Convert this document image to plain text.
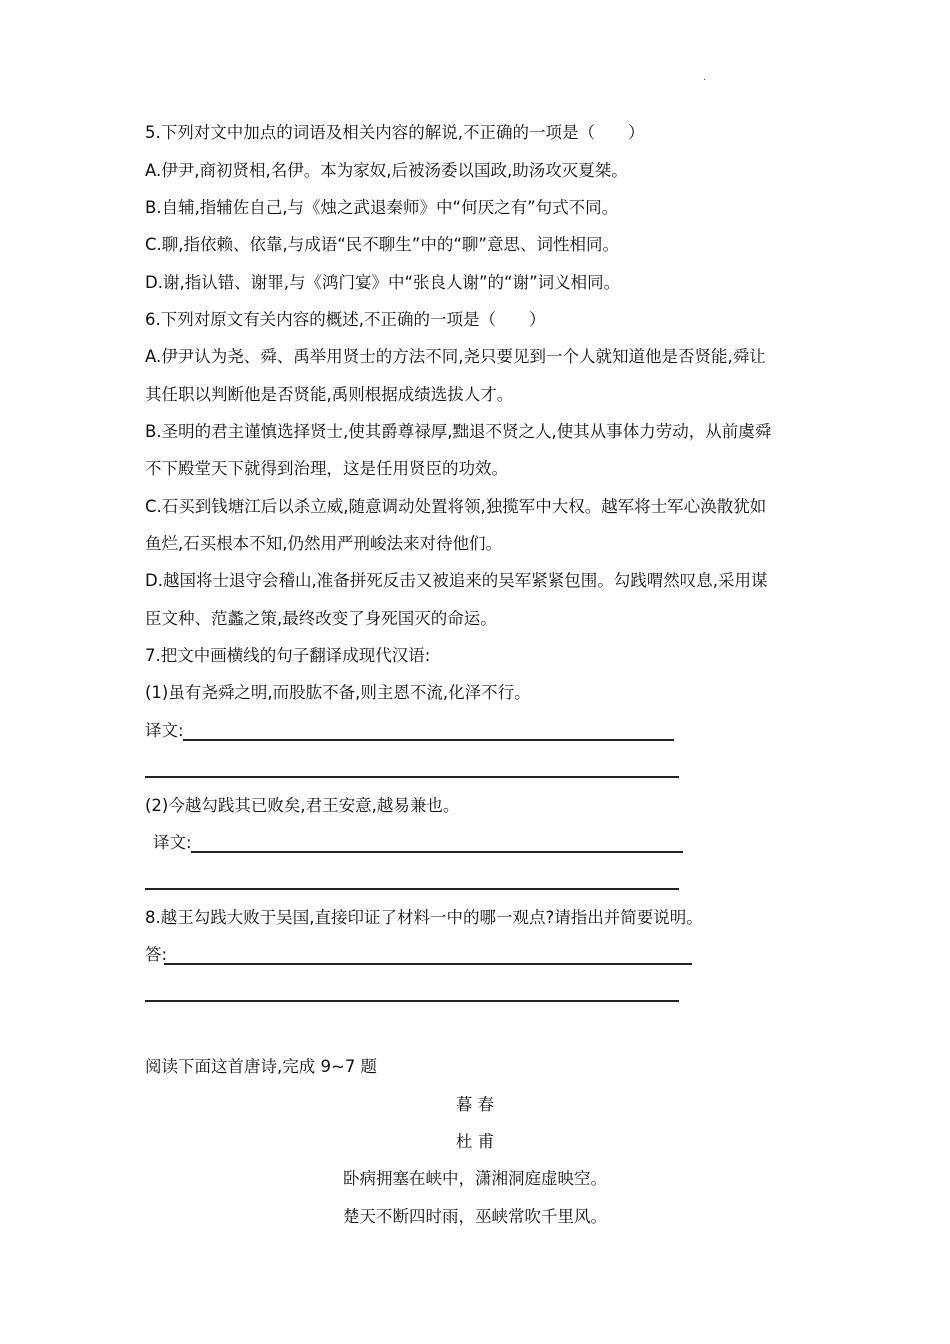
.
5.下列对文中加点的词语及相关内容的解说,不正确的一项是（　　）
A.伊尹,商初贤相,名伊。本为家奴,后被汤委以国政,助汤攻灭夏桀。
B.自辅,指辅佐自己,与《烛之武退秦师》中“何厌之有”句式不同。
C.聊,指依赖、依靠,与成语“民不聊生”中的“聊”意思、词性相同。
D.谢,指认错、谢罪,与《鸿门宴》中“张良人谢”的“谢”词义相同。
6.下列对原文有关内容的概述,不正确的一项是（　　）
A.伊尹认为尧、舜、禹举用贤士的方法不同,尧只要见到一个人就知道他是否贤能,舜让
其任职以判断他是否贤能,禹则根据成绩选拔人才。
B.圣明的君主谨慎选择贤士,使其爵尊禄厚,黜退不贤之人,使其从事体力劳动，从前虞舜
不下殿堂天下就得到治理，这是任用贤臣的功效。
C.石买到钱塘江后以杀立威,随意调动处置将领,独揽军中大权。越军将士军心涣散犹如
鱼烂,石买根本不知,仍然用严刑峻法来对待他们。
D.越国将士退守会稽山,准备拼死反击又被追来的吴军紧紧包围。勾践喟然叹息,采用谋
臣文种、范蠡之策,最终改变了身死国灭的命运。
7.把文中画横线的句子翻译成现代汉语:
(1)虽有尧舜之明,而股肱不备,则主恩不流,化泽不行。
译文:
(2)今越勾践其已败矣,君王安意,越易兼也。
译文:
8.越王勾践大败于吴国,直接印证了材料一中的哪一观点?请指出并简要说明。
答:
阅读下面这首唐诗,完成 9~7 题
暮 春
杜 甫
卧病拥塞在峡中，潇湘洞庭虚映空。
楚天不断四时雨，巫峡常吹千里风。
